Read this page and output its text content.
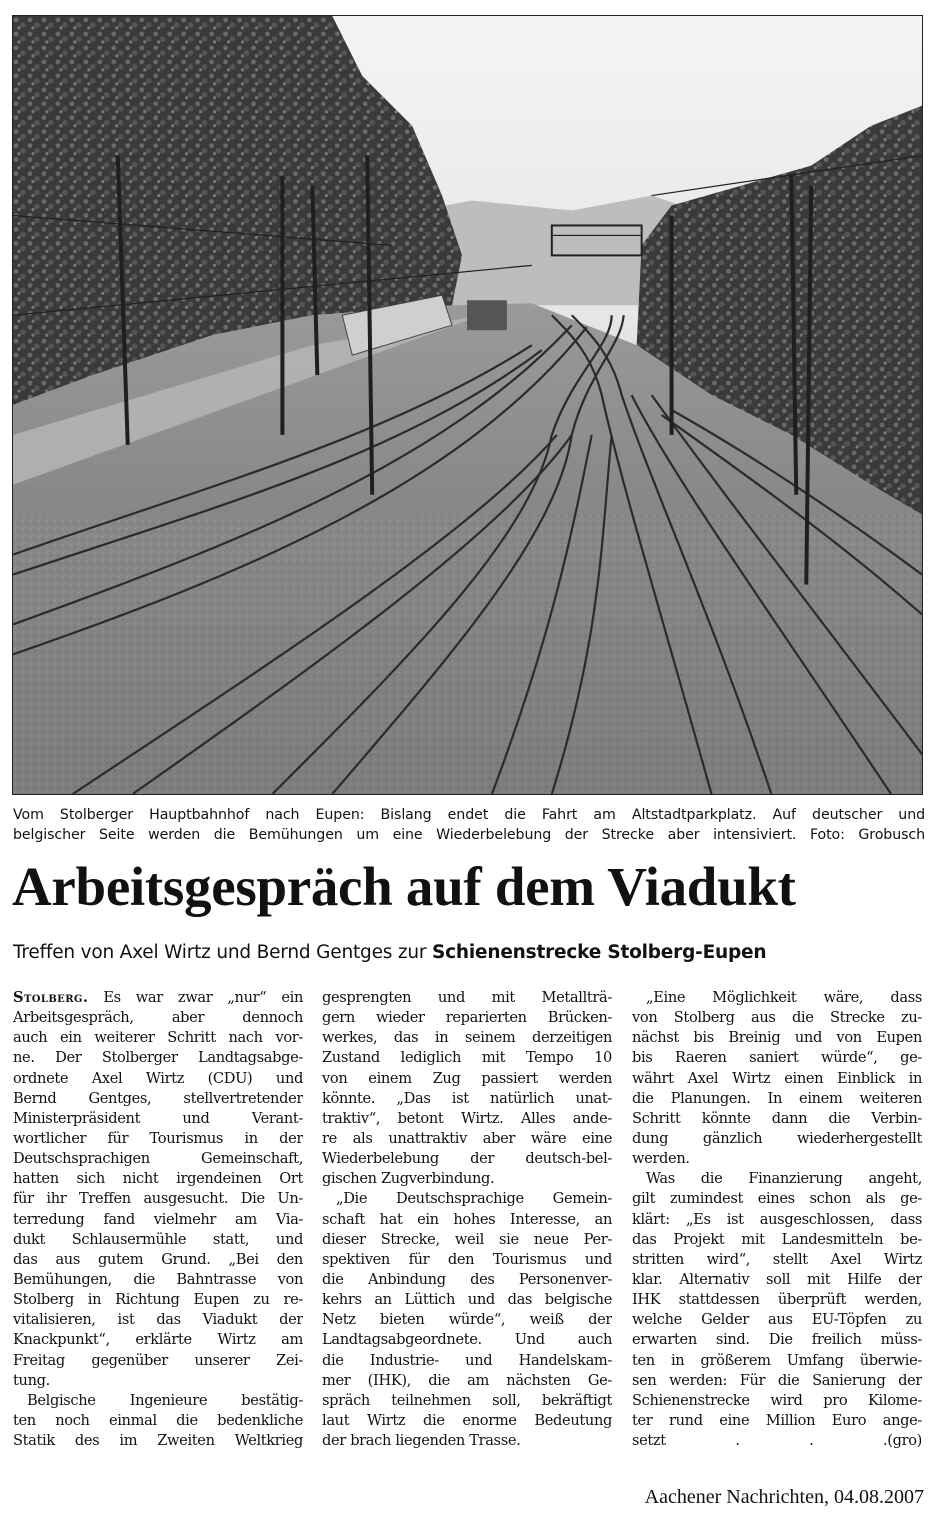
Vom Stolberger Hauptbahnhof nach Eupen: Bislang endet die Fahrt am Altstadtparkplatz. Auf deutscher und
belgischer Seite werden die Bemühungen um eine Wiederbelebung der Strecke aber intensiviert. Foto: Grobusch
Arbeitsgespräch auf dem Viadukt
Treffen von Axel Wirtz und Bernd Gentges zur Schienenstrecke Stolberg-Eupen
Stolberg. Es war zwar „nur“ ein
Arbeitsgespräch, aber dennoch
auch ein weiterer Schritt nach vor-
ne. Der Stolberger Landtagsabge-
ordnete Axel Wirtz (CDU) und
Bernd Gentges, stellvertretender
Ministerpräsident und Verant-
wortlicher für Tourismus in der
Deutschsprachigen Gemeinschaft,
hatten sich nicht irgendeinen Ort
für ihr Treffen ausgesucht. Die Un-
terredung fand vielmehr am Via-
dukt Schlausermühle statt, und
das aus gutem Grund. „Bei den
Bemühungen, die Bahntrasse von
Stolberg in Richtung Eupen zu re-
vitalisieren, ist das Viadukt der
Knackpunkt“, erklärte Wirtz am
Freitag gegenüber unserer Zei-
tung.
Belgische Ingenieure bestätig-
ten noch einmal die bedenkliche
Statik des im Zweiten Weltkrieg
gesprengten und mit Metallträ-
gern wieder reparierten Brücken-
werkes, das in seinem derzeitigen
Zustand lediglich mit Tempo 10
von einem Zug passiert werden
könnte. „Das ist natürlich unat-
traktiv“, betont Wirtz. Alles ande-
re als unattraktiv aber wäre eine
Wiederbelebung der deutsch-bel-
gischen Zugverbindung.
„Die Deutschsprachige Gemein-
schaft hat ein hohes Interesse, an
dieser Strecke, weil sie neue Per-
spektiven für den Tourismus und
die Anbindung des Personenver-
kehrs an Lüttich und das belgische
Netz bieten würde“, weiß der
Landtagsabgeordnete. Und auch
die Industrie- und Handelskam-
mer (IHK), die am nächsten Ge-
spräch teilnehmen soll, bekräftigt
laut Wirtz die enorme Bedeutung
der brach liegenden Trasse.
„Eine Möglichkeit wäre, dass
von Stolberg aus die Strecke zu-
nächst bis Breinig und von Eupen
bis Raeren saniert würde“, ge-
währt Axel Wirtz einen Einblick in
die Planungen. In einem weiteren
Schritt könnte dann die Verbin-
dung gänzlich wiederhergestellt
werden.
Was die Finanzierung angeht,
gilt zumindest eines schon als ge-
klärt: „Es ist ausgeschlossen, dass
das Projekt mit Landesmitteln be-
stritten wird“, stellt Axel Wirtz
klar. Alternativ soll mit Hilfe der
IHK stattdessen überprüft werden,
welche Gelder aus EU-Töpfen zu
erwarten sind. Die freilich müss-
ten in größerem Umfang überwie-
sen werden: Für die Sanierung der
Schienenstrecke wird pro Kilome-
ter rund eine Million Euro ange-
setzt . . .(gro)
Aachener Nachrichten, 04.08.2007
